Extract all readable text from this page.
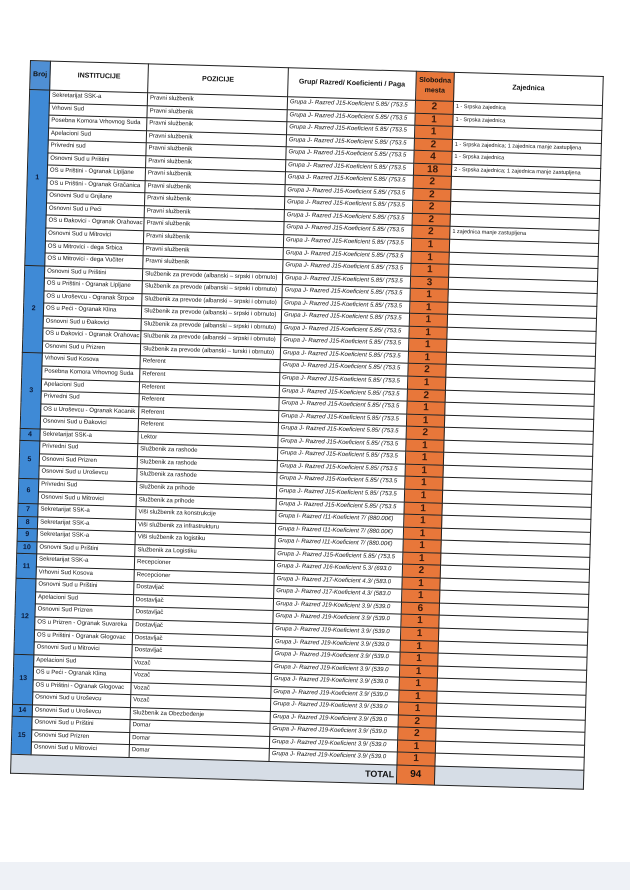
Broj	INSTITUCIJE	POZICIJE	Grup/ Razred/ Koeficienti / Paga	Slobodna mesta	Zajednica
1	Sekretarijat SSK-a	Pravni službenik	Grupa J- Razred J15-Koeficient 5.85/ (753.5	2	1 - Srpska zajednica
	Vrhovni Sud	Pravni službenik	Grupa J- Razred J15-Koeficient 5.85/ (753.5	1	1 - Srpska zajednica
	Posebna Komora Vrhovnog Suda	Pravni službenik	Grupa J- Razred J15-Koeficient 5.85/ (753.5	1	
	Apelacioni Sud	Pravni službenik	Grupa J- Razred J15-Koeficient 5.85/ (753.5	2	1 - Srpska zajednica; 1 zajednica manje zastupljena
	Privredni sud	Pravni službenik	Grupa J- Razred J15-Koeficient 5.85/ (753.5	4	1 - Srpska zajednica
	Osnovni Sud u Prištini	Pravni službenik	Grupa J- Razred J15-Koeficient 5.85/ (753.5	18	2 - Srpska zajednica; 1 zajednica manje zastupljena
	OS u Prištini - Ogranak Lipljane	Pravni službenik	Grupa J- Razred J15-Koeficient 5.85/ (753.5	2	
	OS u Prištini - Ogranak Gračanica	Pravni službenik	Grupa J- Razred J15-Koeficient 5.85/ (753.5	2	
	Osnovni Sud u Gnjilane	Pravni službenik	Grupa J- Razred J15-Koeficient 5.85/ (753.5	2	
	Osnovni Sud u Peći	Pravni službenik	Grupa J- Razred J15-Koeficient 5.85/ (753.5	2	
	OS u Đakovici - Ogranak Orahovac	Pravni službenik	Grupa J- Razred J15-Koeficient 5.85/ (753.5	2	1 zajednica manje zastupljena
	Osnovni Sud u Mitrovici	Pravni službenik	Grupa J- Razred J15-Koeficient 5.85/ (753.5	1	
	OS u Mitrovici - dega Srbica	Pravni službenik	Grupa J- Razred J15-Koeficient 5.85/ (753.5	1	
	OS u Mitrovici - dega Vučiter	Pravni službenik	Grupa J- Razred J15-Koeficient 5.85/ (753.5	1	
2	Osnovni Sud u Prištini	Službenik za prevode (albanski – srpski i obrnuto)	Grupa J- Razred J15-Koeficient 5.85/ (753.5	3	
	OS u Prištini - Ogranak Lipljane	Službenik za prevode (albanski – srpski i obrnuto)	Grupa J- Razred J15-Koeficient 5.85/ (753.5	1	
	OS u Uroševcu - Ogranak Štrpce	Službenik za prevode (albanski – srpski i obrnuto)	Grupa J- Razred J15-Koeficient 5.85/ (753.5	1	
	OS u Peći - Ogranak Klina	Službenik za prevode (albanski – srpski i obrnuto)	Grupa J- Razred J15-Koeficient 5.85/ (753.5	1	
	Osnovni Sud u Đakovici	Službenik za prevode (albanski – srpski i obrnuto)	Grupa J- Razred J15-Koeficient 5.85/ (753.5	1	
	OS u Đakovici - Ogranak Orahovac	Službenik za prevode (albanski – srpski i obrnuto)	Grupa J- Razred J15-Koeficient 5.85/ (753.5	1	
	Osnovni Sud u Prizren	Službenik za prevode (albanski – turski i obrnuto)	Grupa J- Razred J15-Koeficient 5.85/ (753.5	1	
3	Vrhovni Sud Kosova	Referent	Grupa J- Razred J15-Koeficient 5.85/ (753.5	2	
	Posebna Komora Vrhovnog Suda	Referent	Grupa J- Razred J15-Koeficient 5.85/ (753.5	1	
	Apelacioni Sud	Referent	Grupa J- Razred J15-Koeficient 5.85/ (753.5	2	
	Privredni Sud	Referent	Grupa J- Razred J15-Koeficient 5.85/ (753.5	1	
	OS u Uroševcu - Ogranak Kacanik	Referent	Grupa J- Razred J15-Koeficient 5.85/ (753.5	1	
	Osnovni Sud u Đakovici	Referent	Grupa J- Razred J15-Koeficient 5.85/ (753.5	2	
4	Sekretarijat SSK-a	Lektor	Grupa J- Razred J15-Koeficient 5.85/ (753.5	1	
5	Privredni Sud	Službenik za rashode	Grupa J- Razred J15-Koeficient 5.85/ (753.5	1	
	Osnovni Sud Prizren	Službenik za rashode	Grupa J- Razred J15-Koeficient 5.85/ (753.5	1	
	Osnovni Sud u Uroševcu	Službenik za rashode	Grupa J- Razred J15-Koeficient 5.85/ (753.5	1	
6	Privredni Sud	Službenik za prihode	Grupa J- Razred J15-Koeficient 5.85/ (753.5	1	
	Osnovni Sud u Mitrovici	Službenik za prihode	Grupa J- Razred J15-Koeficient 5.85/ (753.5	1	
7	Sekretarijat SSK-a	Viši službenik za konstrukcije	Grupa I- Razred I11-Koeficient 7/ (880.00€)	1	
8	Sekretarijat SSK-a	Viši službenik za infrastrukturu	Grupa I- Razred I11-Koeficient 7/ (880.00€)	1	
9	Sekretarijat SSK-a	Viši službenik za logistiku	Grupa I- Razred I11-Koeficient 7/ (880.00€)	1	
10	Osnovni Sud u Prištini	Službenik za Logistiku	Grupa J- Razred J15-Koeficient 5.85/ (753.5	1	
11	Sekretarijat SSK-a	Recepcioner	Grupa J- Razred J16-Koeficient 5.3/ (693.0	2	
	Vrhovni Sud Kosova	Recepcioner	Grupa J- Razred J17-Koeficient 4.3/ (583.0	1	
12	Osnovni Sud u Prištini	Dostavljač	Grupa J- Razred J17-Koeficient 4.3/ (583.0	1	
	Apelacioni Sud	Dostavljač	Grupa J- Razred J19-Koeficient 3.9/ (539.0	6	
	Osnovni Sud Prizren	Dostavljač	Grupa J- Razred J19-Koeficient 3.9/ (539.0	1	
	OS u Prizren - Ogranak Suvareka	Dostavljač	Grupa J- Razred J19-Koeficient 3.9/ (539.0	1	
	OS u Prištini - Ogranak Glogovac	Dostavljač	Grupa J- Razred J19-Koeficient 3.9/ (539.0	1	
	Osnovni Sud u Mitrovici	Dostavljač	Grupa J- Razred J19-Koeficient 3.9/ (539.0	1	
13	Apelacioni Sud	Vozač	Grupa J- Razred J19-Koeficient 3.9/ (539.0	1	
	OS u Peći - Ogranak Klina	Vozač	Grupa J- Razred J19-Koeficient 3.9/ (539.0	1	
	OS u Prištini - Ogranak Glogovac	Vozač	Grupa J- Razred J19-Koeficient 3.9/ (539.0	1	
	Osnovni Sud u Uroševcu	Vozač	Grupa J- Razred J19-Koeficient 3.9/ (539.0	1	
14	Osnovni Sud u Uroševcu	Službenik za Obezbeđenje	Grupa J- Razred J19-Koeficient 3.9/ (539.0	2	
15	Osnovni Sud u Prištini	Domar	Grupa J- Razred J19-Koeficient 3.9/ (539.0	2	
	Osnovni Sud Prizren	Domar	Grupa J- Razred J19-Koeficient 3.9/ (539.0	1	
	Osnovni Sud u Mitrovici	Domar	Grupa J- Razred J19-Koeficient 3.9/ (539.0	1	
TOTAL				94	
